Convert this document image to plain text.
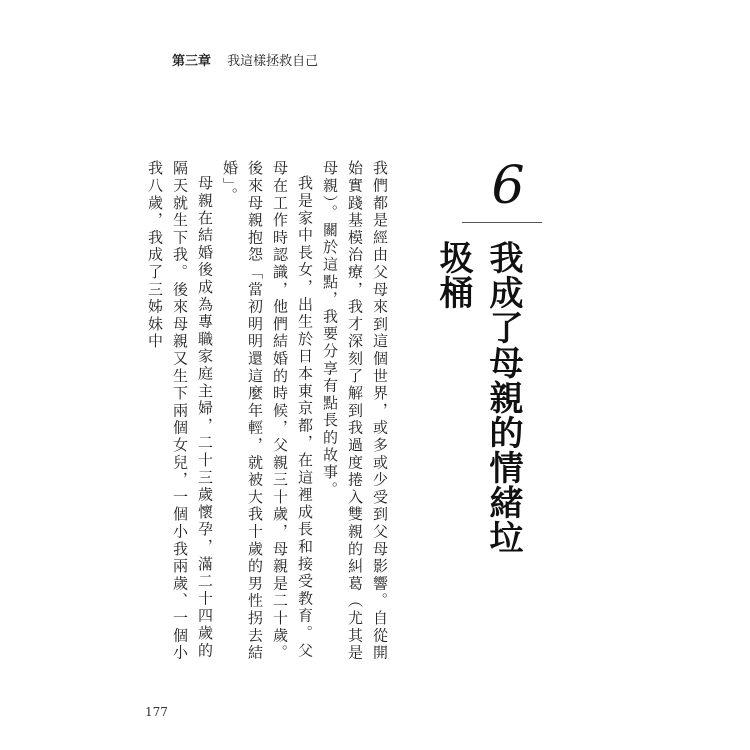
第三章 我這樣拯救自己
6
我成了母親的情緒垃圾桶

我們都是經由父母來到這個世界，或多或少受到父母影響。自從開始實踐基模治療，我才深刻了解到我過度捲入雙親的糾葛（尤其是母親）。關於這點，我要分享有點長的故事。

我是家中長女，出生於日本東京都，在這裡成長和接受教育。父母在工作時認識，他們結婚的時候，父親三十歲，母親是二十歲。後來母親抱怨「當初明明還這麼年輕，就被大我十歲的男性拐去結婚」。

母親在結婚後成為專職家庭主婦，二十三歲懷孕，滿二十四歲的隔天就生下我。後來母親又生下兩個女兒，一個小我兩歲、一個小我八歲，我成了三姊妹中

177
